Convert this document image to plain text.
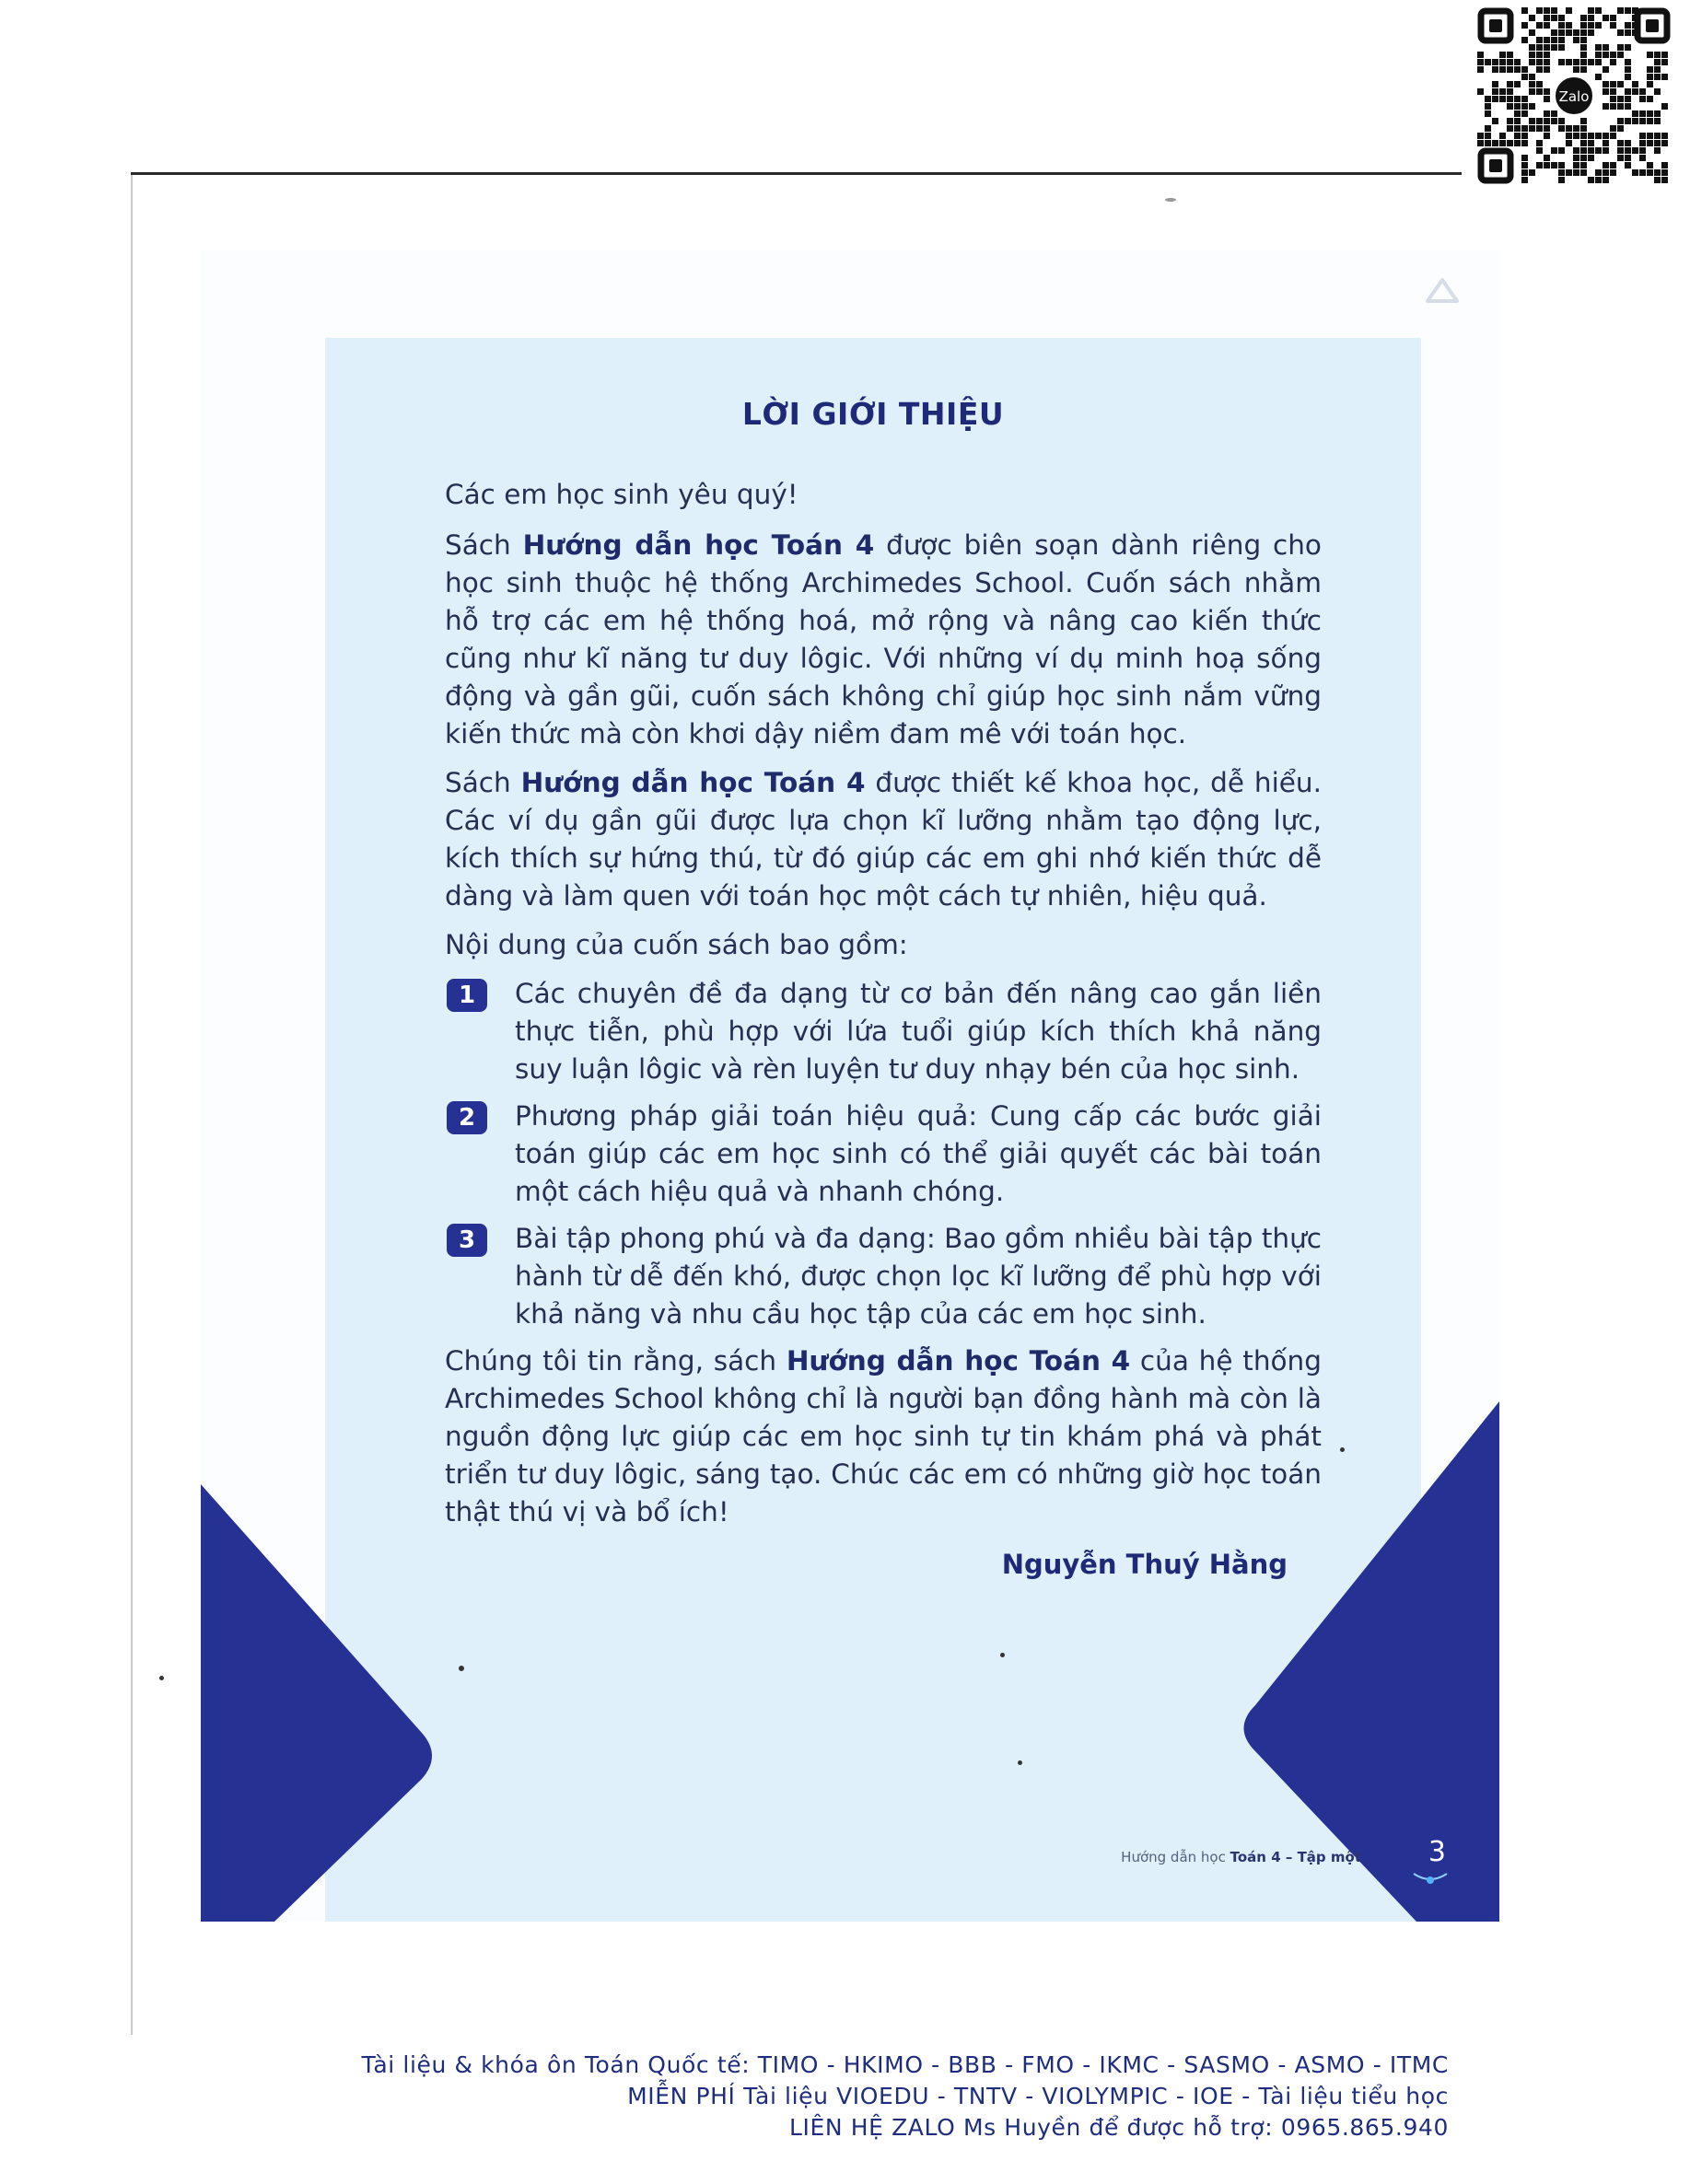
Zalo
LỜI GIỚI THIỆU

Các em học sinh yêu quý!

Sách Hướng dẫn học Toán 4 được biên soạn dành riêng cho học sinh thuộc hệ thống Archimedes School. Cuốn sách nhằm hỗ trợ các em hệ thống hoá, mở rộng và nâng cao kiến thức cũng như kĩ năng tư duy lôgic. Với những ví dụ minh hoạ sống động và gần gũi, cuốn sách không chỉ giúp học sinh nắm vững kiến thức mà còn khơi dậy niềm đam mê với toán học.

Sách Hướng dẫn học Toán 4 được thiết kế khoa học, dễ hiểu. Các ví dụ gần gũi được lựa chọn kĩ lưỡng nhằm tạo động lực, kích thích sự hứng thú, từ đó giúp các em ghi nhớ kiến thức dễ dàng và làm quen với toán học một cách tự nhiên, hiệu quả.

Nội dung của cuốn sách bao gồm:

1	Các chuyên đề đa dạng từ cơ bản đến nâng cao gắn liền thực tiễn, phù hợp với lứa tuổi giúp kích thích khả năng suy luận lôgic và rèn luyện tư duy nhạy bén của học sinh.
2	Phương pháp giải toán hiệu quả: Cung cấp các bước giải toán giúp các em học sinh có thể giải quyết các bài toán một cách hiệu quả và nhanh chóng.
3	Bài tập phong phú và đa dạng: Bao gồm nhiều bài tập thực hành từ dễ đến khó, được chọn lọc kĩ lưỡng để phù hợp với khả năng và nhu cầu học tập của các em học sinh.

Chúng tôi tin rằng, sách Hướng dẫn học Toán 4 của hệ thống Archimedes School không chỉ là người bạn đồng hành mà còn là nguồn động lực giúp các em học sinh tự tin khám phá và phát triển tư duy lôgic, sáng tạo. Chúc các em có những giờ học toán thật thú vị và bổ ích!

Nguyễn Thuý Hằng
Hướng dẫn học Toán 4 – Tập một 3
Tài liệu & khóa ôn Toán Quốc tế: TIMO - HKIMO - BBB - FMO - IKMC - SASMO - ASMO - ITMC
MIỄN PHÍ Tài liệu VIOEDU - TNTV - VIOLYMPIC - IOE - Tài liệu tiểu học
LIÊN HỆ ZALO Ms Huyền để được hỗ trợ: 0965.865.940
